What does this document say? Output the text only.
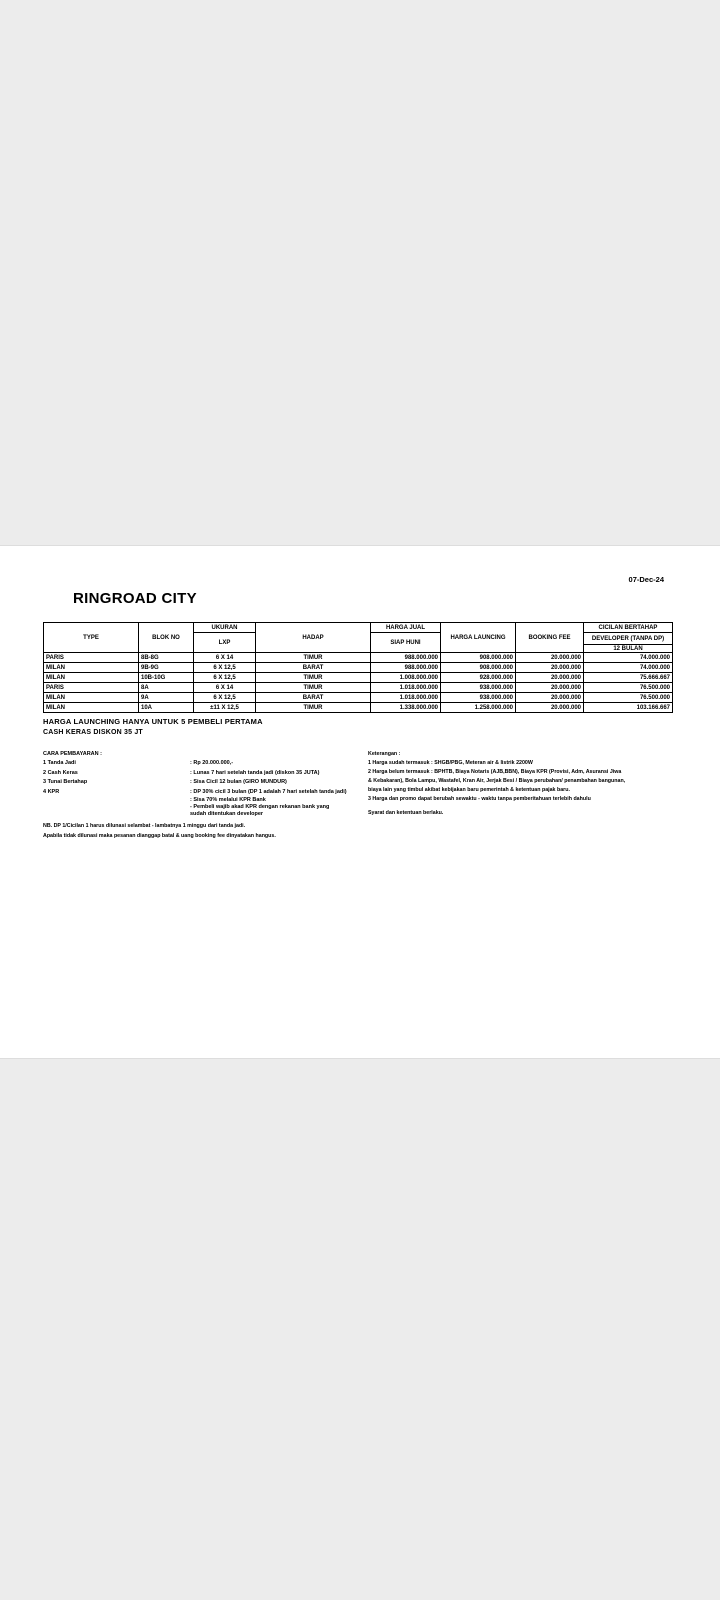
RINGROAD CITY
07-Dec-24
TYPE	BLOK NO	UKURAN	HADAP	HARGA JUAL	HARGA LAUNCING	BOOKING FEE	CICILAN BERTAHAP
		LXP		SIAP HUNI			DEVELOPER (TANPA DP)
							12 BULAN
PARIS	8B-8G	6 X 14	TIMUR	988.000.000	908.000.000	20.000.000	74.000.000
MILAN	9B-9G	6 X 12,5	BARAT	988.000.000	908.000.000	20.000.000	74.000.000
MILAN	10B-10G	6 X 12,5	TIMUR	1.008.000.000	928.000.000	20.000.000	75.666.667
PARIS	8A	6 X 14	TIMUR	1.018.000.000	938.000.000	20.000.000	76.500.000
MILAN	9A	6 X 12,5	BARAT	1.018.000.000	938.000.000	20.000.000	76.500.000
MILAN	10A	±11 X 12,5	TIMUR	1.338.000.000	1.258.000.000	20.000.000	103.166.667
HARGA LAUNCHING HANYA UNTUK 5 PEMBELI PERTAMA
CASH KERAS DISKON 35 JT
CARA PEMBAYARAN :
1 Tanda Jadi	: Rp 20.000.000,-
2 Cash Keras	: Lunas 7 hari setelah tanda jadi (diskon 35 JUTA)
3 Tunai Bertahap	: Sisa Cicil 12 bulan (GIRO MUNDUR)
4 KPR	: DP 30% cicil 3 bulan (DP 1 adalah 7 hari setelah tanda jadi)
: Sisa 70% melalui KPR Bank
- Pembeli wajib akad KPR dengan rekanan bank yang
sudah ditentukan developer
Keterangan :
1 Harga sudah termasuk : SHGB/PBG, Meteran air & listrik 2200W
2 Harga belum termasuk : BPHTB, Biaya Notaris (AJB,BBN), Biaya KPR (Provisi, Adm, Asuransi Jiwa
& Kebakaran), Bola Lampu, Wastafel, Kran Air, Jerjak Besi / Biaya perubahan/ penambahan bangunan,
biaya lain yang timbul akibat kebijakan baru pemerintah & ketentuan pajak baru.
3 Harga dan promo dapat berubah sewaktu - waktu tanpa pemberitahuan terlebih dahulu
Syarat dan ketentuan berlaku.
NB. DP 1/Cicilan 1 harus dilunasi selambat - lambatnya 1 minggu dari tanda jadi.
Apabila tidak dilunasi maka pesanan dianggap batal & uang booking fee dinyatakan hangus.
